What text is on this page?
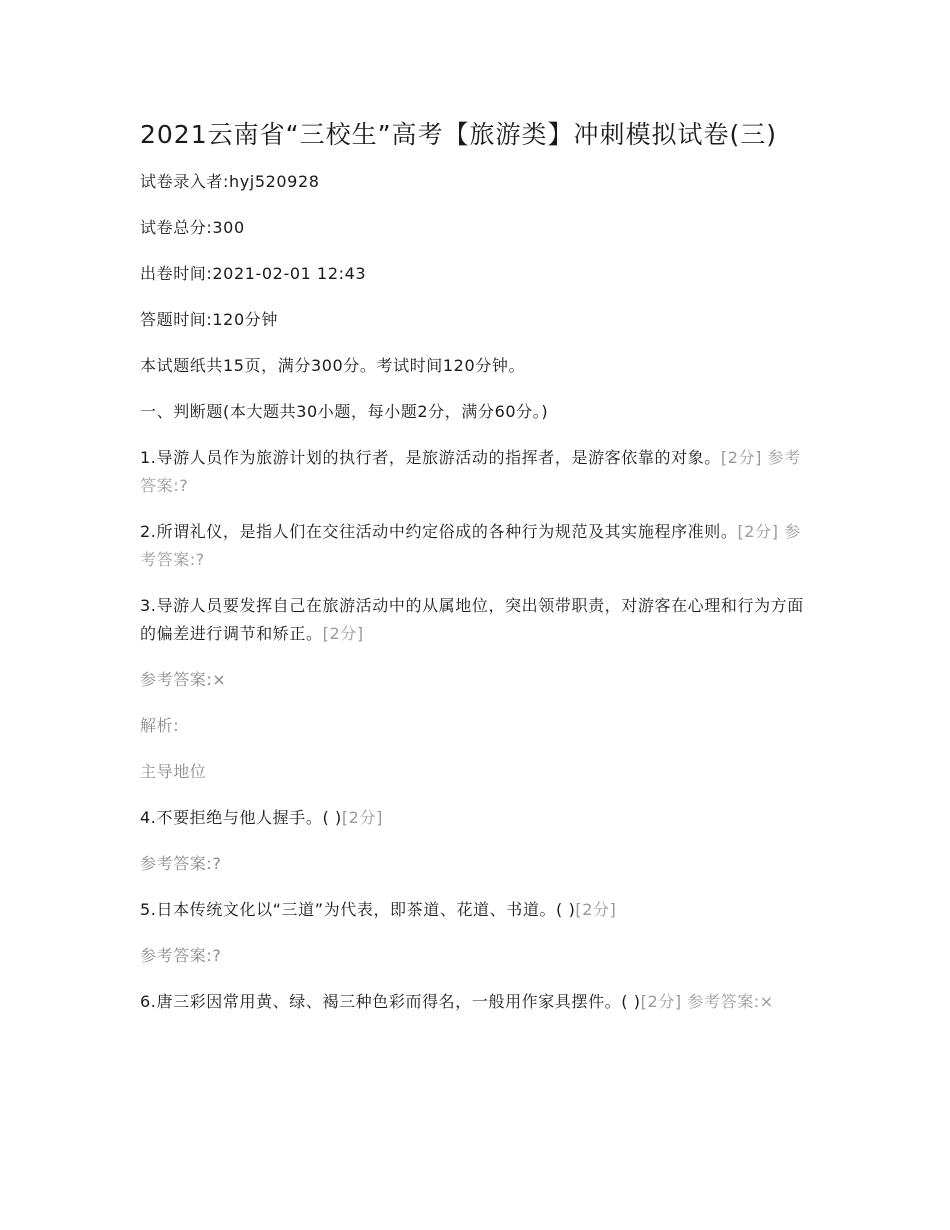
2021云南省“三校生”高考【旅游类】冲刺模拟试卷(三)

试卷录入者:hyj520928

试卷总分:300

出卷时间:2021-02-01 12:43

答题时间:120分钟

本试题纸共15页，满分300分。考试时间120分钟。

一、判断题(本大题共30小题，每小题2分，满分60分。)

1.导游人员作为旅游计划的执行者，是旅游活动的指挥者，是游客依靠的对象。[2分] 参考答案:?

2.所谓礼仪，是指人们在交往活动中约定俗成的各种行为规范及其实施程序准则。[2分] 参考答案:?

3.导游人员要发挥自己在旅游活动中的从属地位，突出领带职责，对游客在心理和行为方面的偏差进行调节和矫正。[2分]

参考答案:×

解析:

主导地位

4.不要拒绝与他人握手。( )[2分]

参考答案:?

5.日本传统文化以“三道”为代表，即茶道、花道、书道。( )[2分]

参考答案:?

6.唐三彩因常用黄、绿、褐三种色彩而得名，一般用作家具摆件。( )[2分] 参考答案:×
